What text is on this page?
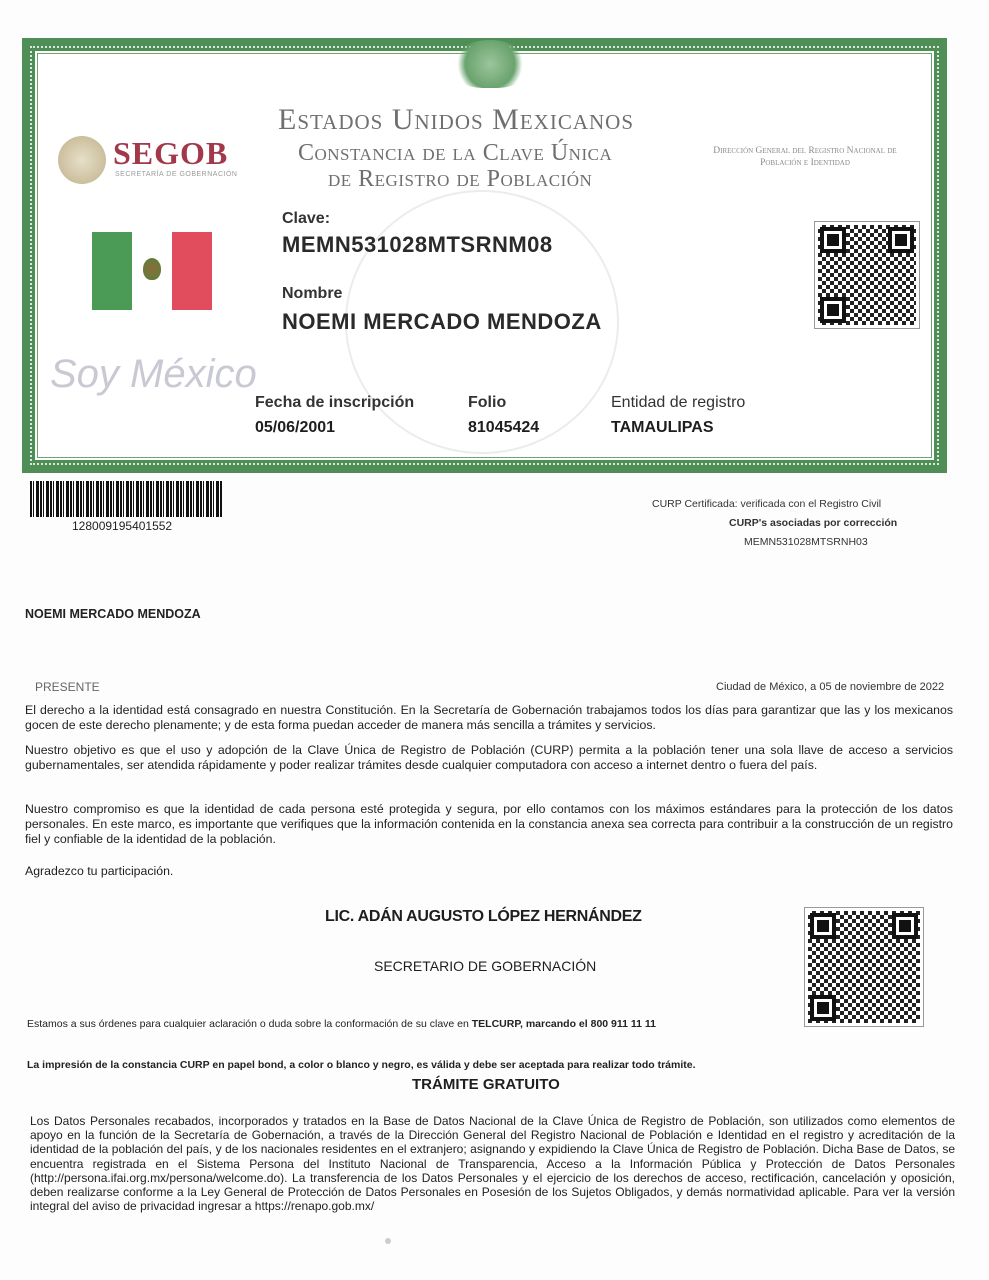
Estados Unidos Mexicanos
Constancia de la Clave Única
de Registro de Población
Dirección General del Registro Nacional de Población e Identidad
SEGOB
SECRETARÍA DE GOBERNACIÓN
Soy México
Clave:
MEMN531028MTSRNM08
Nombre
NOEMI MERCADO MENDOZA
Fecha de inscripción
05/06/2001
Folio
81045424
Entidad de registro
TAMAULIPAS
128009195401552
CURP Certificada: verificada con el Registro Civil
CURP's asociadas por corrección
MEMN531028MTSRNH03
NOEMI MERCADO MENDOZA
PRESENTE	Ciudad de México, a 05 de noviembre de 2022

El derecho a la identidad está consagrado en nuestra Constitución. En la Secretaría de Gobernación trabajamos todos los días para garantizar que las y los mexicanos gocen de este derecho plenamente; y de esta forma puedan acceder de manera más sencilla a trámites y servicios.

Nuestro objetivo es que el uso y adopción de la Clave Única de Registro de Población (CURP) permita a la población tener una sola llave de acceso a servicios gubernamentales, ser atendida rápidamente y poder realizar trámites desde cualquier computadora con acceso a internet dentro o fuera del país.

Nuestro compromiso es que la identidad de cada persona esté protegida y segura, por ello contamos con los máximos estándares para la protección de los datos personales. En este marco, es importante que verifiques que la información contenida en la constancia anexa sea correcta para contribuir a la construcción de un registro fiel y confiable de la identidad de la población.

Agradezco tu participación.
LIC. ADÁN AUGUSTO LÓPEZ HERNÁNDEZ
SECRETARIO DE GOBERNACIÓN
Estamos a sus órdenes para cualquier aclaración o duda sobre la conformación de su clave en TELCURP, marcando el 800 911 11 11
La impresión de la constancia CURP en papel bond, a color o blanco y negro, es válida y debe ser aceptada para realizar todo trámite.
TRÁMITE GRATUITO

Los Datos Personales recabados, incorporados y tratados en la Base de Datos Nacional de la Clave Única de Registro de Población, son utilizados como elementos de apoyo en la función de la Secretaría de Gobernación, a través de la Dirección General del Registro Nacional de Población e Identidad en el registro y acreditación de la identidad de la población del país, y de los nacionales residentes en el extranjero; asignando y expidiendo la Clave Única de Registro de Población. Dicha Base de Datos, se encuentra registrada en el Sistema Persona del Instituto Nacional de Transparencia, Acceso a la Información Pública y Protección de Datos Personales (http://persona.ifai.org.mx/persona/welcome.do). La transferencia de los Datos Personales y el ejercicio de los derechos de acceso, rectificación, cancelación y oposición, deben realizarse conforme a la Ley General de Protección de Datos Personales en Posesión de los Sujetos Obligados, y demás normatividad aplicable. Para ver la versión integral del aviso de privacidad ingresar a https://renapo.gob.mx/
